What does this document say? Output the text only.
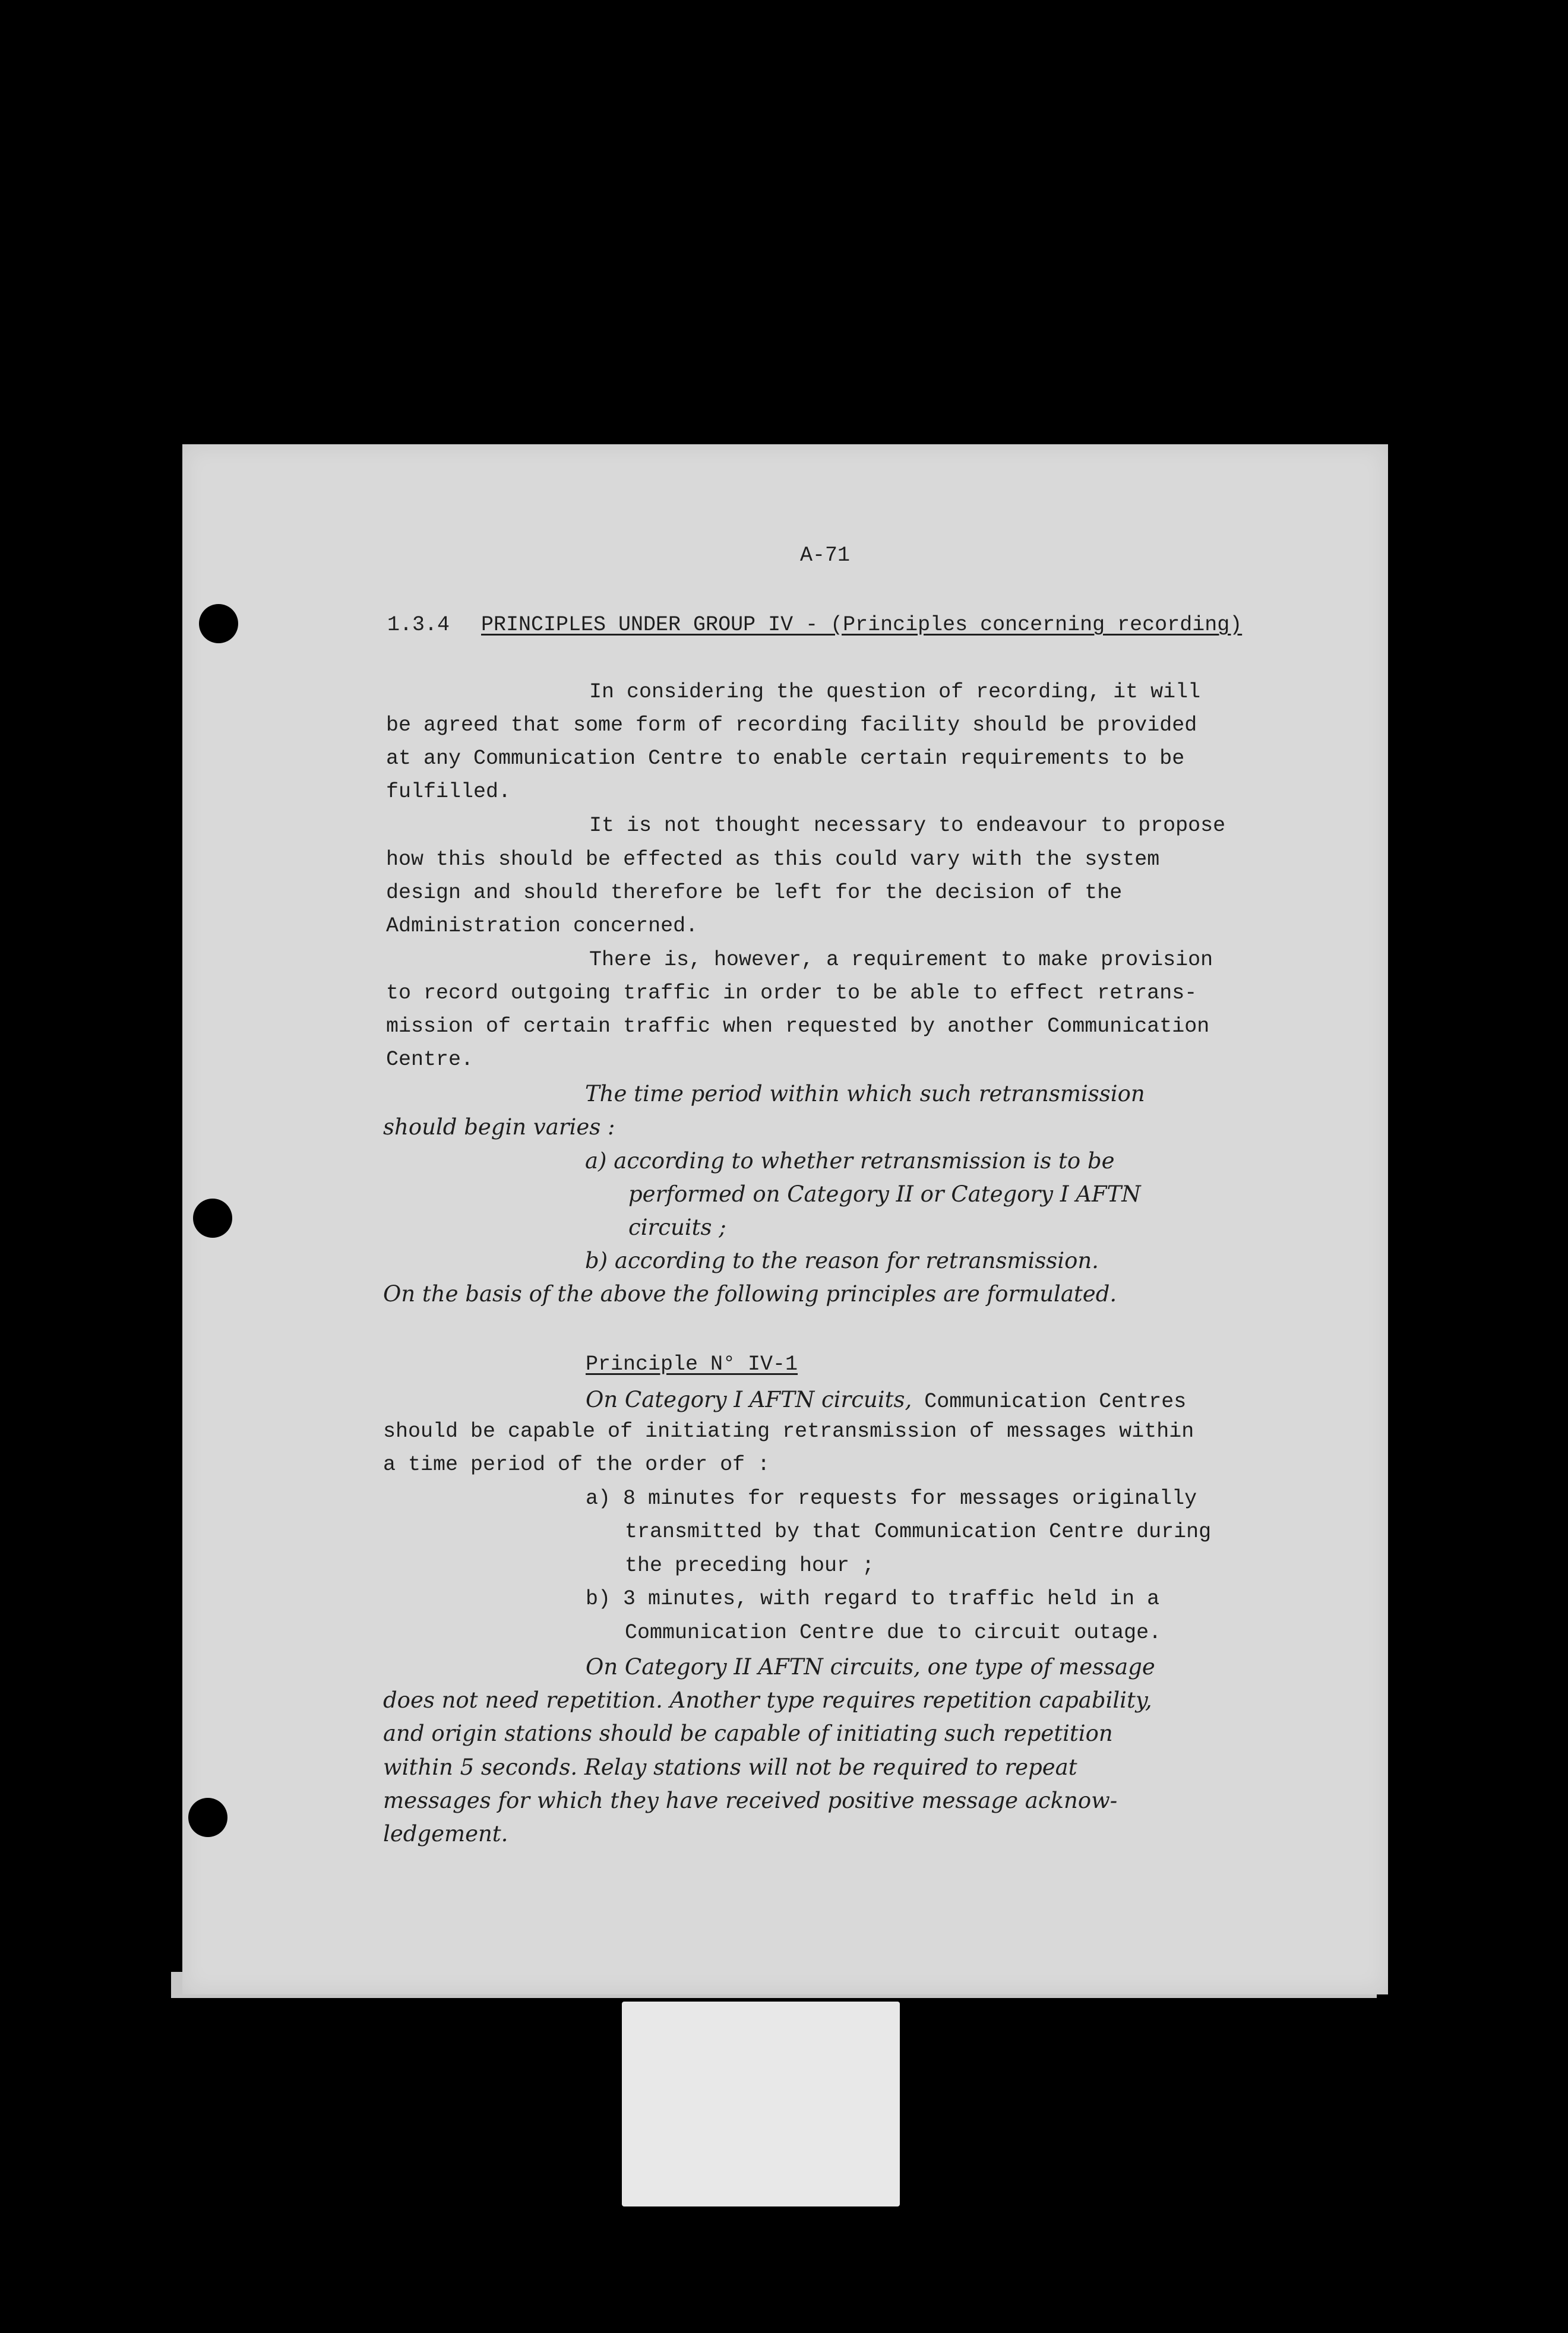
A-71
1.3.4 PRINCIPLES UNDER GROUP IV - (Principles concerning recording)
In considering the question of recording, it will
be agreed that some form of recording facility should be provided
at any Communication Centre to enable certain requirements to be
fulfilled.
It is not thought necessary to endeavour to propose
how this should be effected as this could vary with the system
design and should therefore be left for the decision of the
Administration concerned.
There is, however, a requirement to make provision
to record outgoing traffic in order to be able to effect retrans-
mission of certain traffic when requested by another Communication
Centre.
The time period within which such retransmission
should begin varies :
a) according to whether retransmission is to be
performed on Category II or Category I AFTN
circuits ;
b) according to the reason for retransmission.
On the basis of the above the following principles are formulated.
Principle N° IV-1
On Category I AFTN circuits, Communication Centres
should be capable of initiating retransmission of messages within
a time period of the order of :
a) 8 minutes for requests for messages originally
transmitted by that Communication Centre during
the preceding hour ;
b) 3 minutes, with regard to traffic held in a
Communication Centre due to circuit outage.
On Category II AFTN circuits, one type of message
does not need repetition. Another type requires repetition capability,
and origin stations should be capable of initiating such repetition
within 5 seconds. Relay stations will not be required to repeat
messages for which they have received positive message acknow-
ledgement.
